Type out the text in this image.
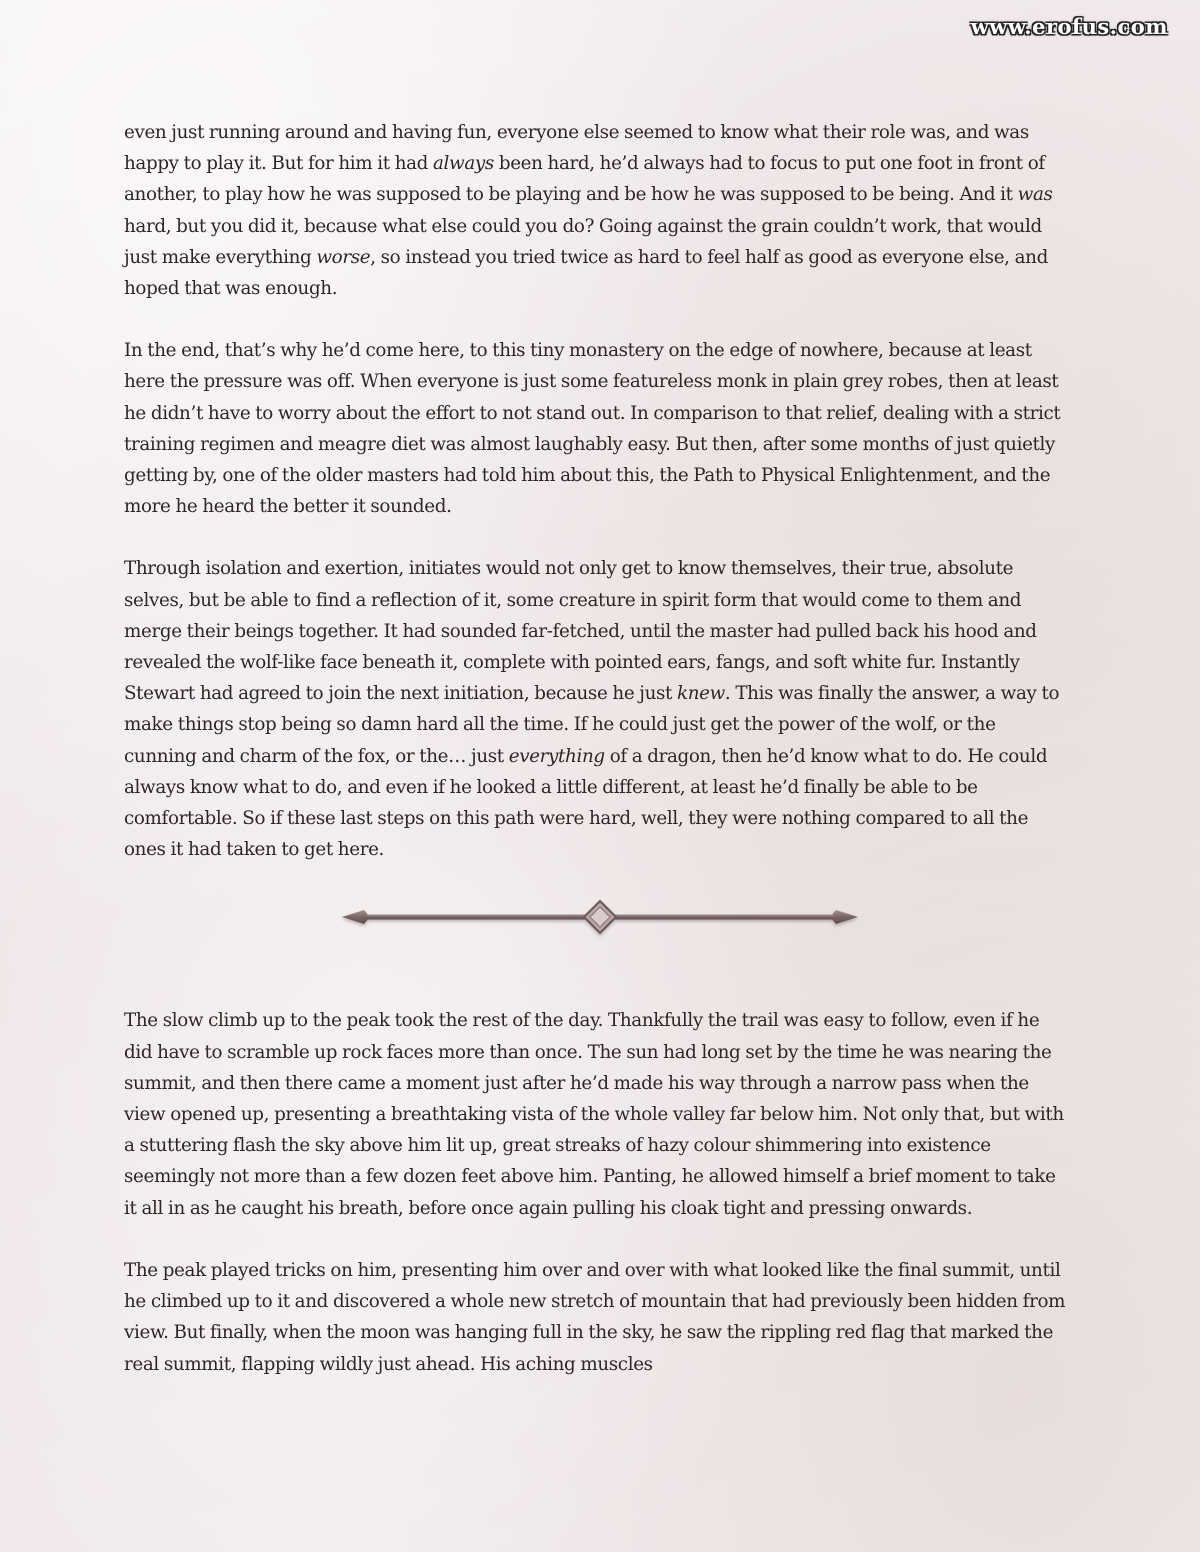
www.erofus.com

even just running around and having fun, everyone else seemed to know what their role was, and was happy to play it. But for him it had always been hard, he’d always had to focus to put one foot in front of another, to play how he was supposed to be playing and be how he was supposed to be being. And it was hard, but you did it, because what else could you do? Going against the grain couldn’t work, that would just make everything worse, so instead you tried twice as hard to feel half as good as everyone else, and hoped that was enough.

In the end, that’s why he’d come here, to this tiny monastery on the edge of nowhere, because at least here the pressure was off. When everyone is just some featureless monk in plain grey robes, then at least he didn’t have to worry about the effort to not stand out. In comparison to that relief, dealing with a strict training regimen and meagre diet was almost laughably easy. But then, after some months of just quietly getting by, one of the older masters had told him about this, the Path to Physical Enlightenment, and the more he heard the better it sounded.

Through isolation and exertion, initiates would not only get to know themselves, their true, absolute selves, but be able to find a reflection of it, some creature in spirit form that would come to them and merge their beings together. It had sounded far-fetched, until the master had pulled back his hood and revealed the wolf-like face beneath it, complete with pointed ears, fangs, and soft white fur. Instantly Stewart had agreed to join the next initiation, because he just knew. This was finally the answer, a way to make things stop being so damn hard all the time. If he could just get the power of the wolf, or the cunning and charm of the fox, or the… just everything of a dragon, then he’d know what to do. He could always know what to do, and even if he looked a little different, at least he’d finally be able to be comfortable. So if these last steps on this path were hard, well, they were nothing compared to all the ones it had taken to get here.

The slow climb up to the peak took the rest of the day. Thankfully the trail was easy to follow, even if he did have to scramble up rock faces more than once. The sun had long set by the time he was nearing the summit, and then there came a moment just after he’d made his way through a narrow pass when the view opened up, presenting a breathtaking vista of the whole valley far below him. Not only that, but with a stuttering flash the sky above him lit up, great streaks of hazy colour shimmering into existence seemingly not more than a few dozen feet above him. Panting, he allowed himself a brief moment to take it all in as he caught his breath, before once again pulling his cloak tight and pressing onwards.

The peak played tricks on him, presenting him over and over with what looked like the final summit, until he climbed up to it and discovered a whole new stretch of mountain that had previously been hidden from view. But finally, when the moon was hanging full in the sky, he saw the rippling red flag that marked the real summit, flapping wildly just ahead. His aching muscles
